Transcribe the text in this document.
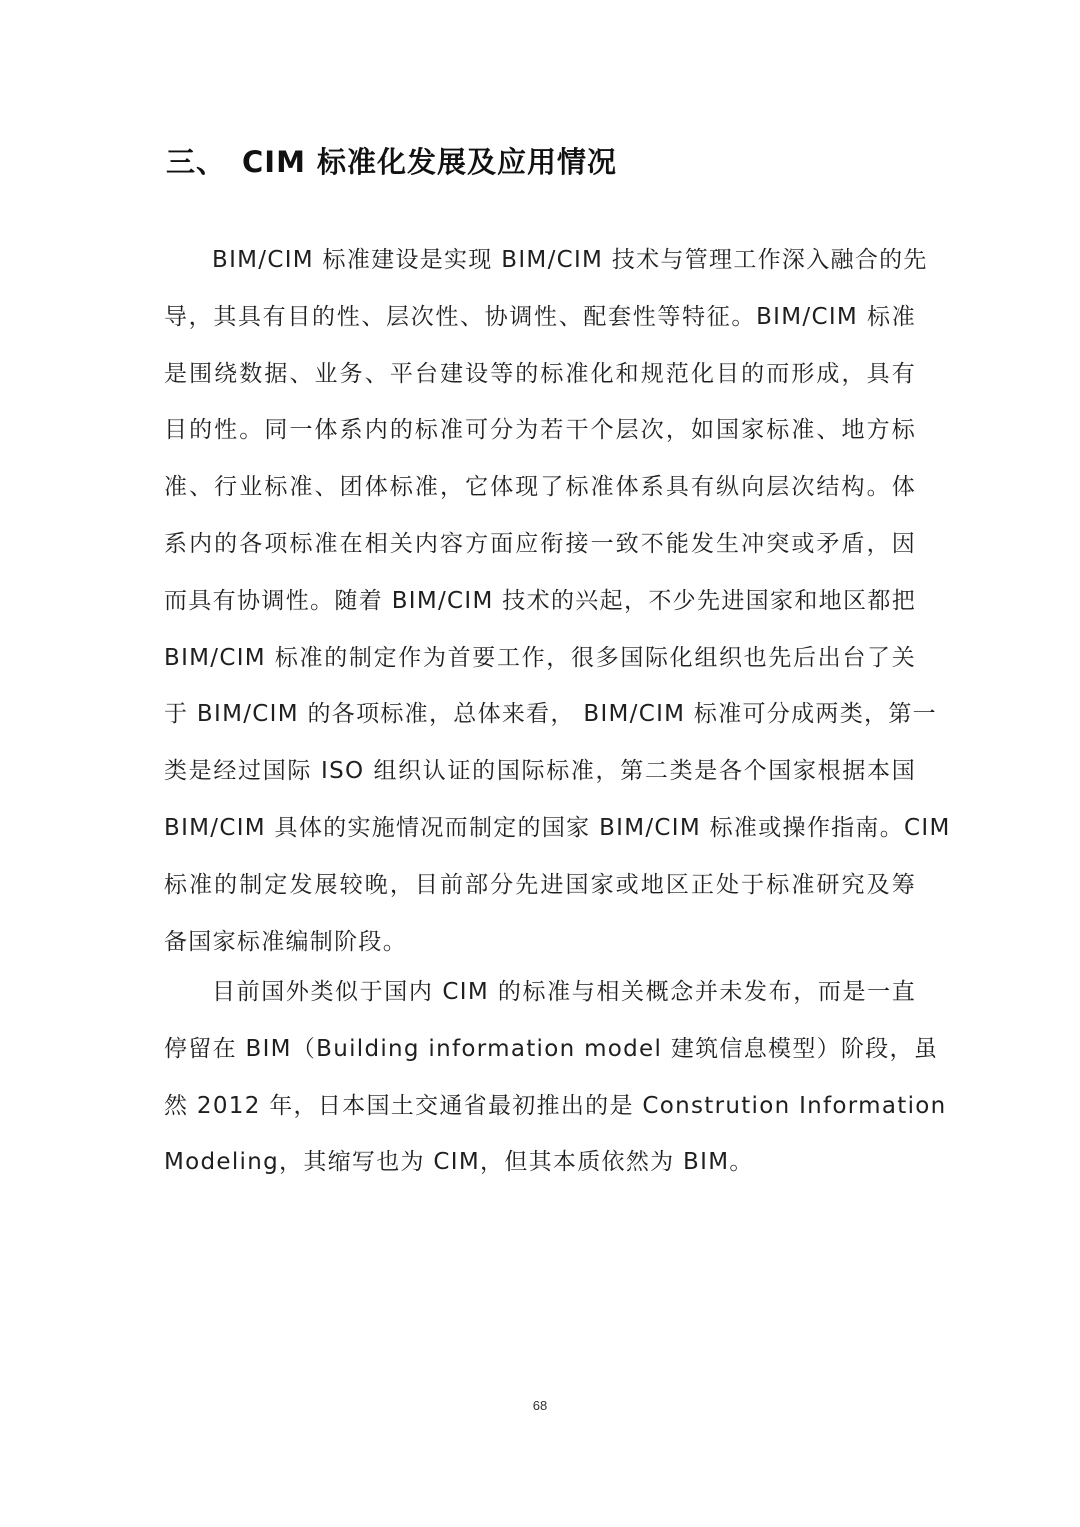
三、 CIM 标准化发展及应用情况
BIM/CIM 标准建设是实现 BIM/CIM 技术与管理工作深入融合的先
导，其具有目的性、层次性、协调性、配套性等特征。BIM/CIM 标准
是围绕数据、业务、平台建设等的标准化和规范化目的而形成，具有
目的性。同一体系内的标准可分为若干个层次，如国家标准、地方标
准、行业标准、团体标准，它体现了标准体系具有纵向层次结构。体
系内的各项标准在相关内容方面应衔接一致不能发生冲突或矛盾，因
而具有协调性。随着 BIM/CIM 技术的兴起，不少先进国家和地区都把
BIM/CIM 标准的制定作为首要工作，很多国际化组织也先后出台了关
于 BIM/CIM 的各项标准，总体来看， BIM/CIM 标准可分成两类，第一
类是经过国际 ISO 组织认证的国际标准，第二类是各个国家根据本国
BIM/CIM 具体的实施情况而制定的国家 BIM/CIM 标准或操作指南。CIM
标准的制定发展较晚，目前部分先进国家或地区正处于标准研究及筹
备国家标准编制阶段。
目前国外类似于国内 CIM 的标准与相关概念并未发布，而是一直
停留在 BIM（Building information model 建筑信息模型）阶段，虽
然 2012 年，日本国土交通省最初推出的是 Constrution Information
Modeling，其缩写也为 CIM，但其本质依然为 BIM。
68
